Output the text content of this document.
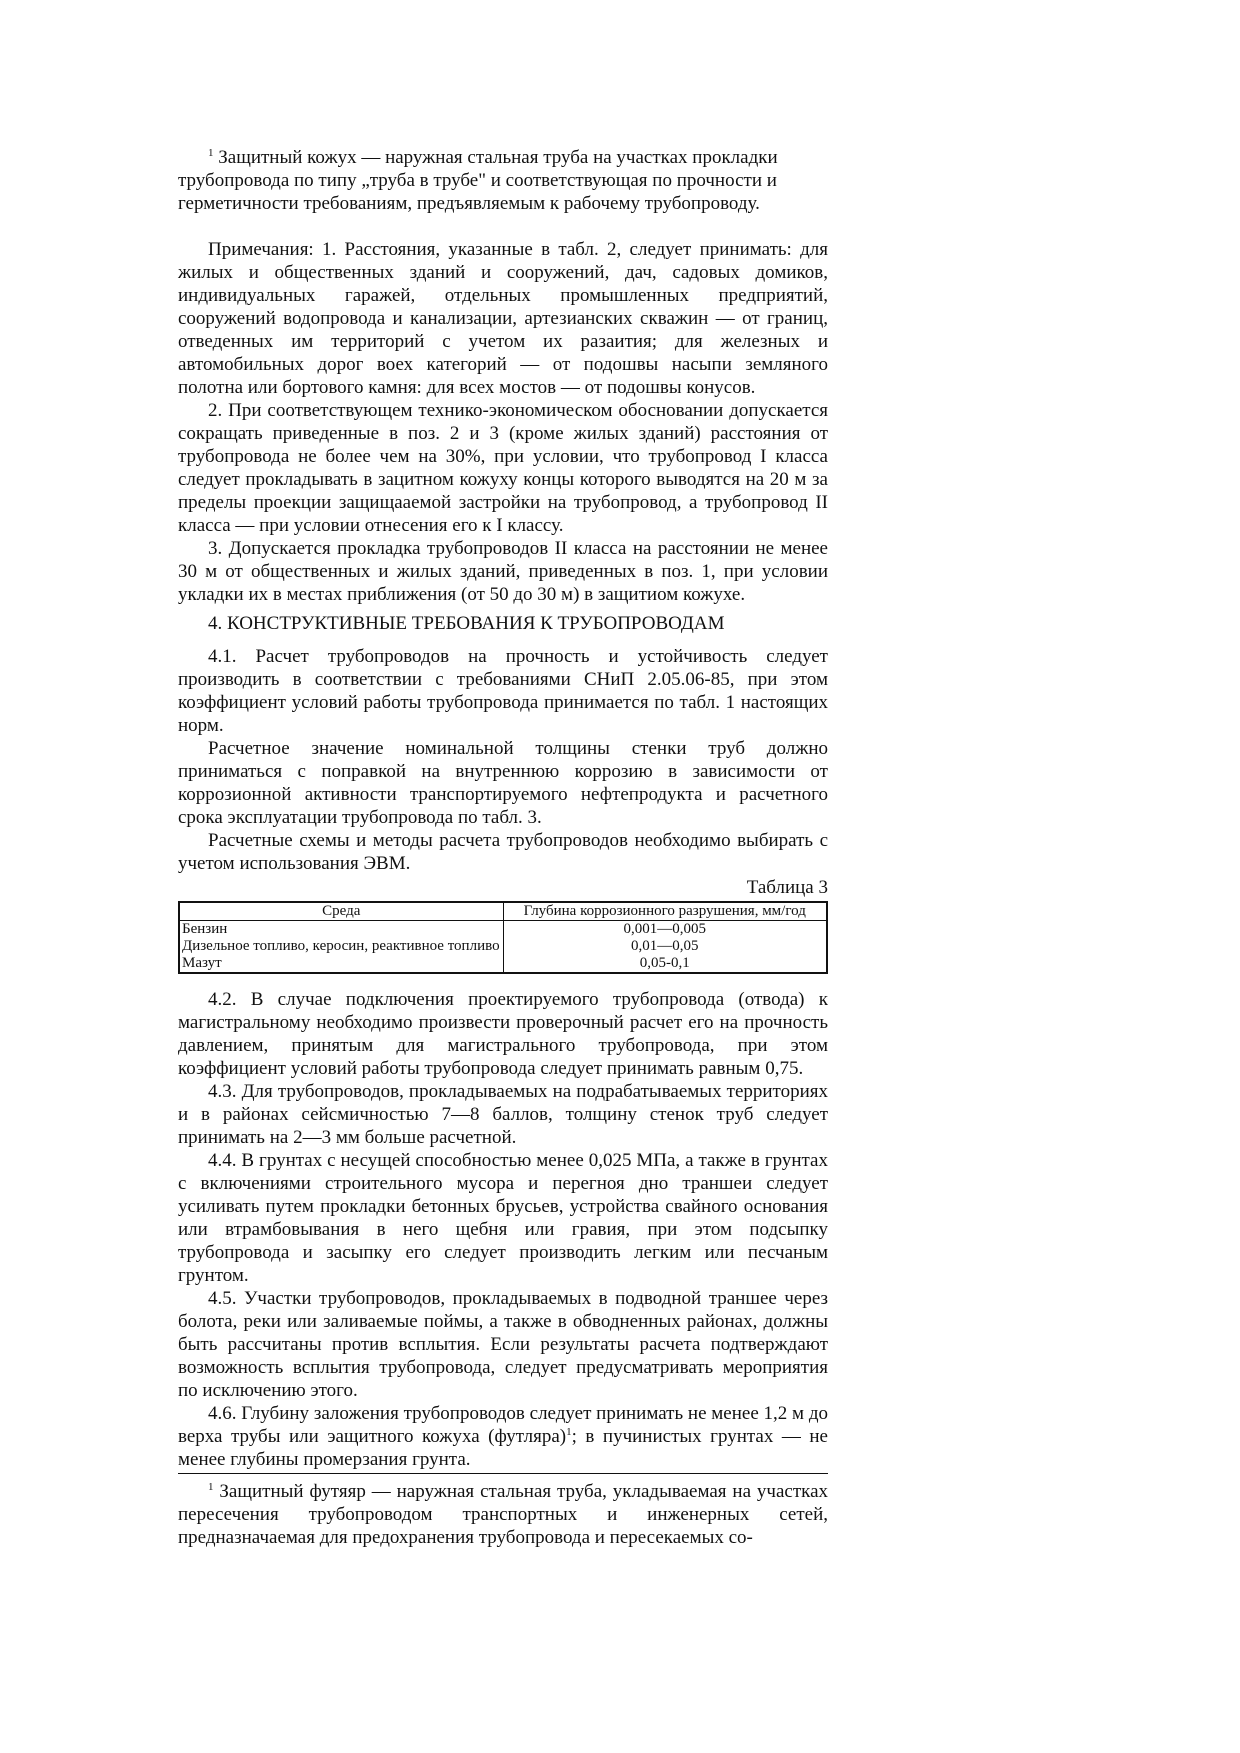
$^1$ Защитный кожух — наружная стальная труба на участках прокладки трубопровода по типу „труба в трубе" и соответствующая по прочности и герметичности требованиям, предъявляемым к рабочему трубопроводу.

Примечания: 1. Расстояния, указанные в табл. 2, следует принимать: для жилых и общественных зданий и сооружений, дач, садовых домиков, индивидуальных гаражей, отдельных промышленных предприятий, сооружений водопровода и канализации, артезианских скважин — от границ, отведенных им территорий с учетом их разаития; для железных и автомобильных дорог воех категорий — от подошвы насыпи земляного полотна или бортового камня: для всех мостов — от подошвы конусов.

2. При соответствующем технико-экономическом обосновании допускается сокращать приведенные в поз. 2 и 3 (кроме жилых зданий) расстояния от трубопровода не более чем на 30%, при условии, что трубопровод I класса следует прокладывать в зацитном кожуху концы которого выводятся на 20 м за пределы проекции защищааемой застройки на трубопровод, а трубопровод II класса — при условии отнесения его к I классу.

3. Допускается прокладка трубопроводов II класса на расстоянии не менее 30 м от общественных и жилых зданий, приведенных в поз. 1, при условии укладки их в местах приближения (от 50 до 30 м) в защитиом кожухе.

4. КОНСТРУКТИВНЫЕ ТРЕБОВАНИЯ К ТРУБОПРОВОДАМ

4.1. Расчет трубопроводов на прочность и устойчивость следует производить в соответствии с требованиями СНиП 2.05.06-85, при этом коэффициент условий работы трубопровода принимается по табл. 1 настоящих норм.

Расчетное значение номинальной толщины стенки труб должно приниматься с поправкой на внутреннюю коррозию в зависимости от коррозионной активности транспортируемого нефтепродукта и расчетного срока эксплуатации трубопровода по табл. 3.

Расчетные схемы и методы расчета трубопроводов необходимо выбирать с учетом использования ЭВМ.

Таблица 3

Среда	Глубина коррозионного разрушения, мм/год
Бензин	0,001—0,005
Дизельное топливо, керосин, реактивное топливо	0,01—0,05
Мазут	0,05-0,1

4.2. В случае подключения проектируемого трубопровода (отвода) к магистральному необходимо произвести проверочный расчет его на прочность давлением, принятым для магистрального трубопровода, при этом коэффициент условий работы трубопровода следует принимать равным 0,75.

4.3. Для трубопроводов, прокладываемых на подрабатываемых территориях и в районах сейсмичностью 7—8 баллов, толщину стенок труб следует принимать на 2—3 мм больше расчетной.

4.4. В грунтах с несущей способностью менее 0,025 МПа, а также в грунтах с включениями строительного мусора и перегноя дно траншеи следует усиливать путем прокладки бетонных брусьев, устройства свайного основания или втрамбовывания в него щебня или гравия, при этом подсыпку трубопровода и засыпку его следует производить легким или песчаным грунтом.

4.5. Участки трубопроводов, прокладываемых в подводной траншее через болота, реки или заливаемые поймы, а также в обводненных районах, должны быть рассчитаны против всплытия. Если результаты расчета подтверждают возможность всплытия трубопровода, следует предусматривать мероприятия по исключению этого.

4.6. Глубину заложения трубопроводов следует принимать не менее 1,2 м до верха трубы или эащитного кожуха (футляра)$^1$; в пучинистых грунтах — не менее глубины промерзания грунта.

$^1$ Защитный футяяр — наружная стальная труба, укладываемая на участках пересечения трубопроводом транспортных и инженерных сетей, предназначаемая для предохранения трубопровода и пересекаемых со-
